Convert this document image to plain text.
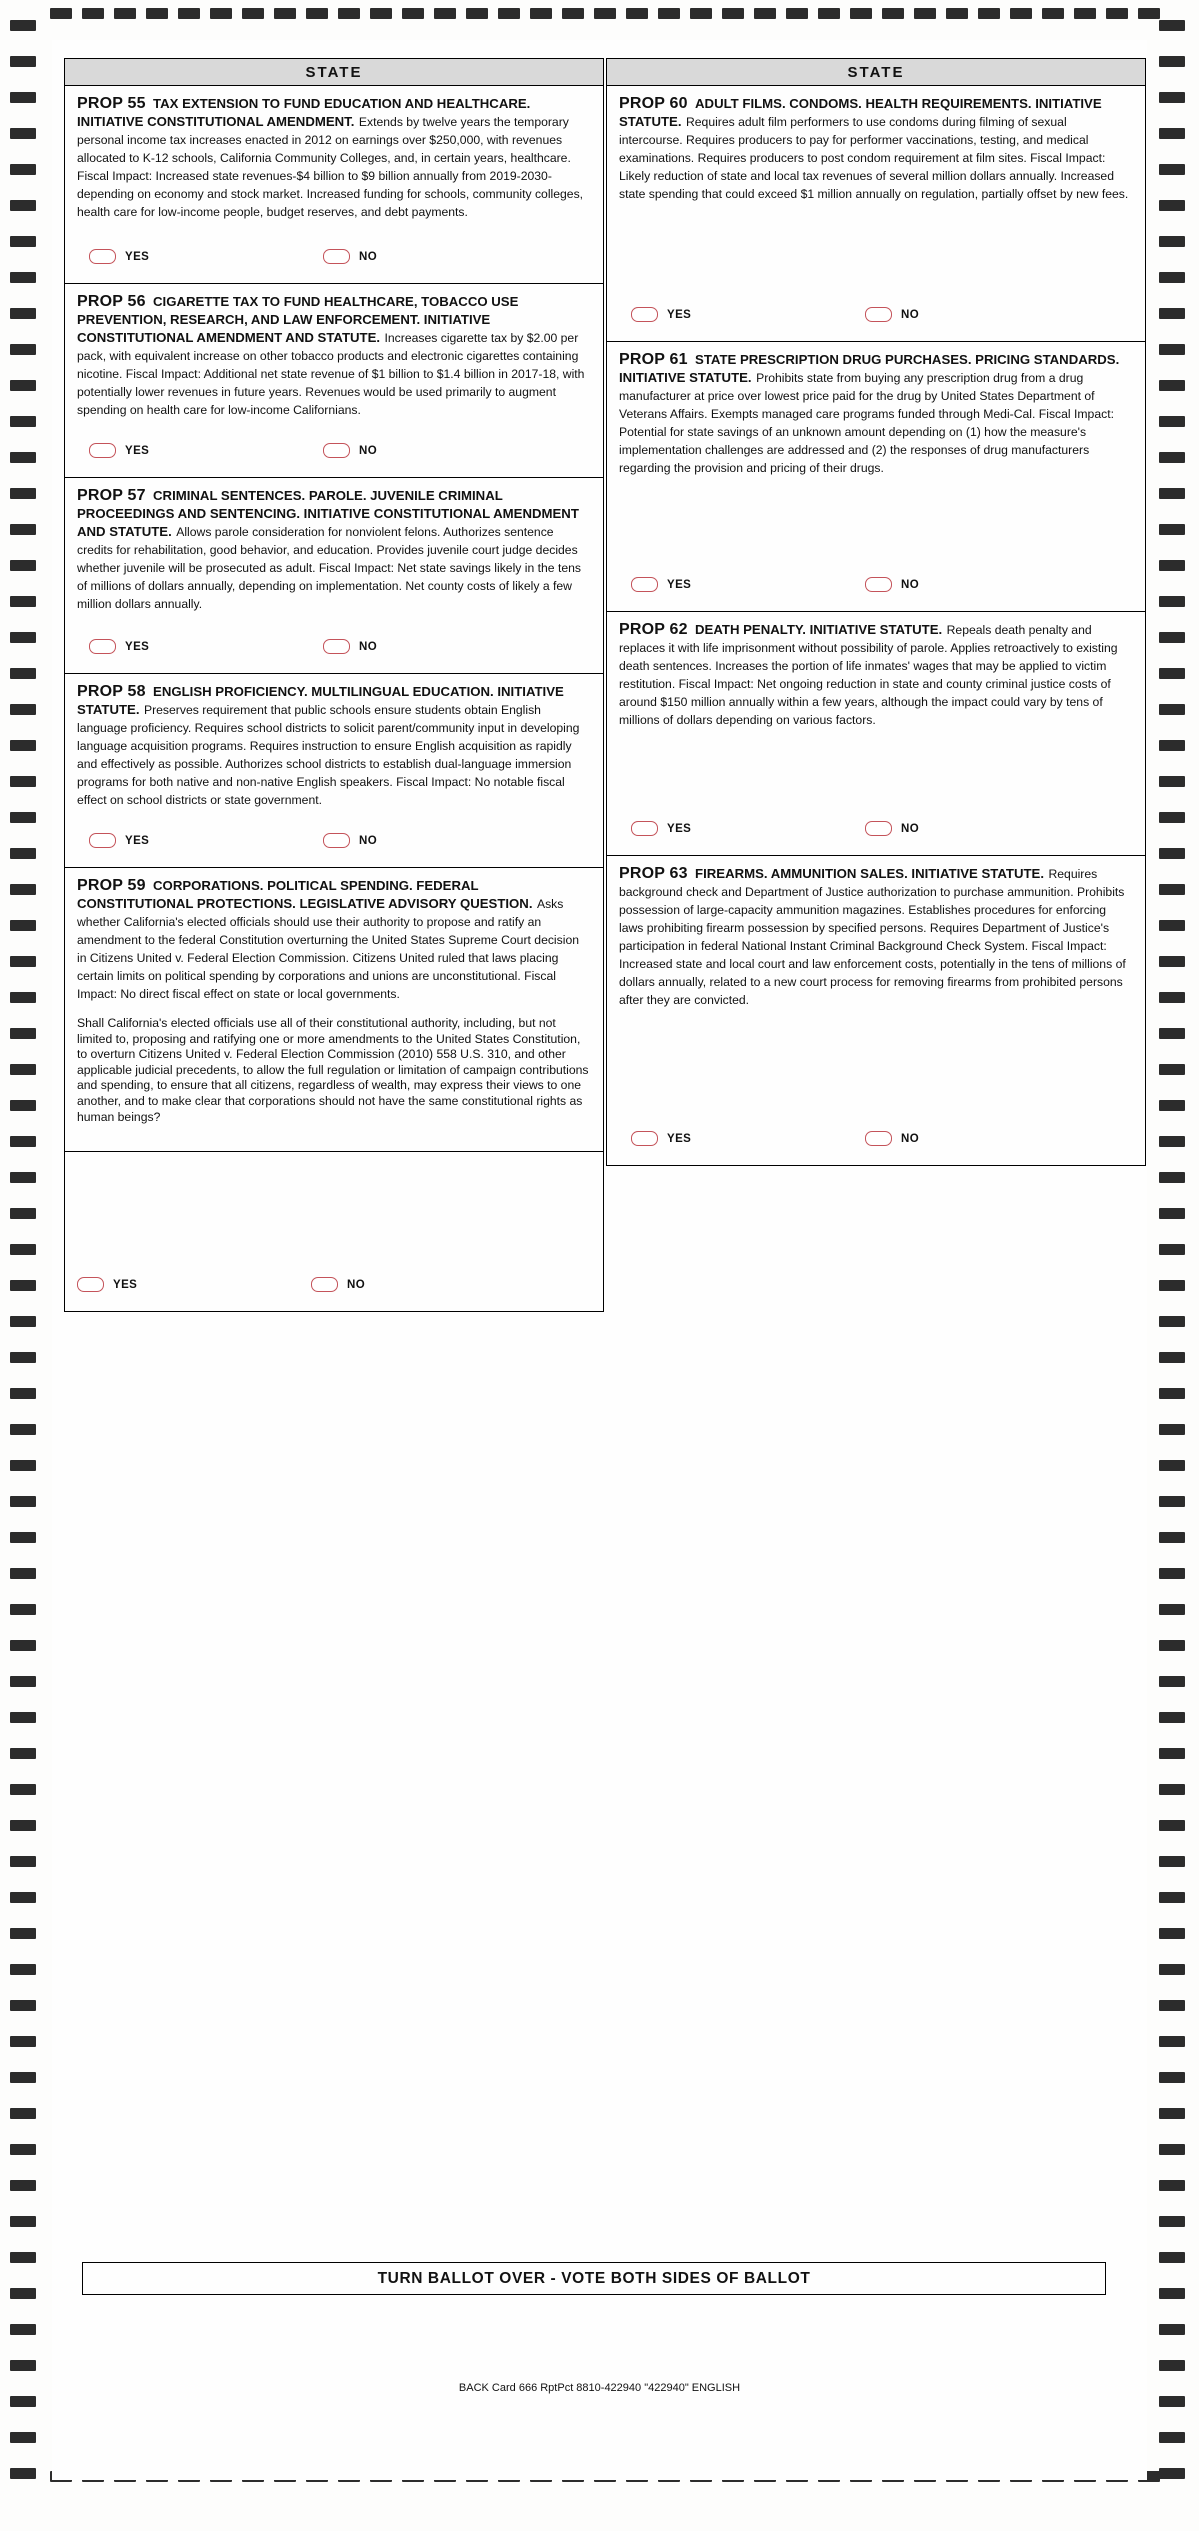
STATE
PROP 55 TAX EXTENSION TO FUND EDUCATION AND HEALTHCARE. INITIATIVE CONSTITUTIONAL AMENDMENT. Extends by twelve years the temporary personal income tax increases enacted in 2012 on earnings over $250,000, with revenues allocated to K-12 schools, California Community Colleges, and, in certain years, healthcare. Fiscal Impact: Increased state revenues-$4 billion to $9 billion annually from 2019-2030-depending on economy and stock market. Increased funding for schools, community colleges, health care for low-income people, budget reserves, and debt payments.
YES	NO
PROP 56 CIGARETTE TAX TO FUND HEALTHCARE, TOBACCO USE PREVENTION, RESEARCH, AND LAW ENFORCEMENT. INITIATIVE CONSTITUTIONAL AMENDMENT AND STATUTE. Increases cigarette tax by $2.00 per pack, with equivalent increase on other tobacco products and electronic cigarettes containing nicotine. Fiscal Impact: Additional net state revenue of $1 billion to $1.4 billion in 2017-18, with potentially lower revenues in future years. Revenues would be used primarily to augment spending on health care for low-income Californians.
YES	NO
PROP 57 CRIMINAL SENTENCES. PAROLE. JUVENILE CRIMINAL PROCEEDINGS AND SENTENCING. INITIATIVE CONSTITUTIONAL AMENDMENT AND STATUTE. Allows parole consideration for nonviolent felons. Authorizes sentence credits for rehabilitation, good behavior, and education. Provides juvenile court judge decides whether juvenile will be prosecuted as adult. Fiscal Impact: Net state savings likely in the tens of millions of dollars annually, depending on implementation. Net county costs of likely a few million dollars annually.
YES	NO
PROP 58 ENGLISH PROFICIENCY. MULTILINGUAL EDUCATION. INITIATIVE STATUTE. Preserves requirement that public schools ensure students obtain English language proficiency. Requires school districts to solicit parent/community input in developing language acquisition programs. Requires instruction to ensure English acquisition as rapidly and effectively as possible. Authorizes school districts to establish dual-language immersion programs for both native and non-native English speakers. Fiscal Impact: No notable fiscal effect on school districts or state government.
YES	NO
PROP 59 CORPORATIONS. POLITICAL SPENDING. FEDERAL CONSTITUTIONAL PROTECTIONS. LEGISLATIVE ADVISORY QUESTION. Asks whether California's elected officials should use their authority to propose and ratify an amendment to the federal Constitution overturning the United States Supreme Court decision in Citizens United v. Federal Election Commission. Citizens United ruled that laws placing certain limits on political spending by corporations and unions are unconstitutional. Fiscal Impact: No direct fiscal effect on state or local governments.
Shall California's elected officials use all of their constitutional authority, including, but not limited to, proposing and ratifying one or more amendments to the United States Constitution, to overturn Citizens United v. Federal Election Commission (2010) 558 U.S. 310, and other applicable judicial precedents, to allow the full regulation or limitation of campaign contributions and spending, to ensure that all citizens, regardless of wealth, may express their views to one another, and to make clear that corporations should not have the same constitutional rights as human beings?
YES	NO
STATE
PROP 60 ADULT FILMS. CONDOMS. HEALTH REQUIREMENTS. INITIATIVE STATUTE. Requires adult film performers to use condoms during filming of sexual intercourse. Requires producers to pay for performer vaccinations, testing, and medical examinations. Requires producers to post condom requirement at film sites. Fiscal Impact: Likely reduction of state and local tax revenues of several million dollars annually. Increased state spending that could exceed $1 million annually on regulation, partially offset by new fees.
YES	NO
PROP 61 STATE PRESCRIPTION DRUG PURCHASES. PRICING STANDARDS. INITIATIVE STATUTE. Prohibits state from buying any prescription drug from a drug manufacturer at price over lowest price paid for the drug by United States Department of Veterans Affairs. Exempts managed care programs funded through Medi-Cal. Fiscal Impact: Potential for state savings of an unknown amount depending on (1) how the measure's implementation challenges are addressed and (2) the responses of drug manufacturers regarding the provision and pricing of their drugs.
YES	NO
PROP 62 DEATH PENALTY. INITIATIVE STATUTE. Repeals death penalty and replaces it with life imprisonment without possibility of parole. Applies retroactively to existing death sentences. Increases the portion of life inmates' wages that may be applied to victim restitution. Fiscal Impact: Net ongoing reduction in state and county criminal justice costs of around $150 million annually within a few years, although the impact could vary by tens of millions of dollars depending on various factors.
YES	NO
PROP 63 FIREARMS. AMMUNITION SALES. INITIATIVE STATUTE. Requires background check and Department of Justice authorization to purchase ammunition. Prohibits possession of large-capacity ammunition magazines. Establishes procedures for enforcing laws prohibiting firearm possession by specified persons. Requires Department of Justice's participation in federal National Instant Criminal Background Check System. Fiscal Impact: Increased state and local court and law enforcement costs, potentially in the tens of millions of dollars annually, related to a new court process for removing firearms from prohibited persons after they are convicted.
YES	NO
TURN BALLOT OVER - VOTE BOTH SIDES OF BALLOT
BACK Card 666 RptPct 8810-422940 "422940" ENGLISH
